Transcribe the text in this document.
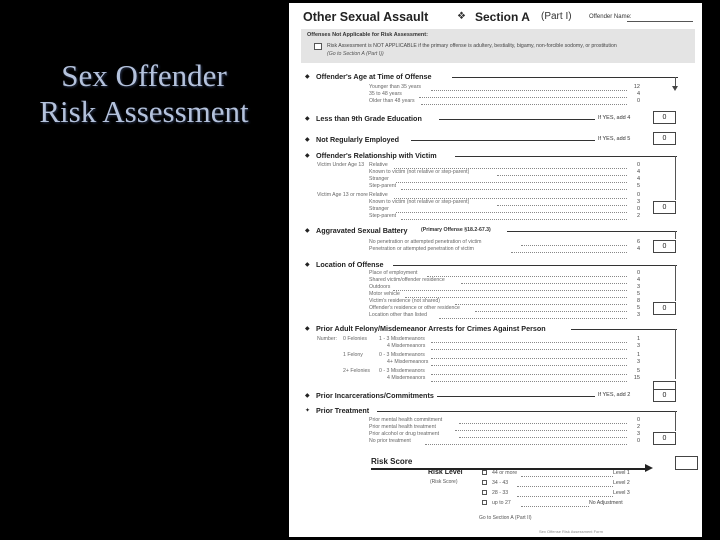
Sex Offender
Risk Assessment
Other Sexual Assault	❖ Section A (Part I)	Offender Name:
Offenses Not Applicable for Risk Assessment:
Risk Assessment is NOT APPLICABLE if the primary offense is adultery, bestiality, bigamy, non-forcible sodomy, or prostitution
(Go to Section A (Part I))
◆ Offender's Age at Time of Offense
Younger than 35 years	12
35 to 48 years	4
Older than 48 years	0
◆ Less than 9th Grade Education	If YES, add 4	0
◆ Not Regularly Employed	If YES, add 5	0
◆ Offender's Relationship with Victim
0
Victim Under Age 13 Relative	0
Known to victim (not relative or step-parent)	4
Stranger	4
Step-parent	5
Victim Age 13 or more Relative	0
Known to victim (not relative or step-parent)	3
Stranger	0
Step-parent	2
◆ Aggravated Sexual Battery	(Primary Offense §18.2-67.3)
0
No penetration or attempted penetration of victim	6
Penetration or attempted penetration of victim	4
◆ Location of Offense
0
Place of employment	0
Shared victim/offender residence	4
Outdoors	3
Motor vehicle	5
Victim's residence (not shared)	8
Offender's residence or other residence	5
Location other than listed	3
◆ Prior Adult Felony/Misdemeanor Arrests for Crimes Against Person
Number: 0 Felonies 1 - 3 Misdemeanors	1
4 Misdemeanors	3
1 Felony	0 - 3 Misdemeanors	1
4+ Misdemeanors	3
2+ Felonies 0 - 3 Misdemeanors	5
4 Misdemeanors	15
◆ Prior Incarcerations/Commitments	If YES, add 2	0
✦ Prior Treatment
0
Prior mental health commitment	0
Prior mental health treatment	2
Prior alcohol or drug treatment	3
No prior treatment	0
Risk Score
Risk Level
(Risk Score)
44 or more	Level 1
34 - 43	Level 2
28 - 33	Level 3
up to 27	No Adjustment
Go to Section A (Part II)
Sex Offense Risk Assessment Form
